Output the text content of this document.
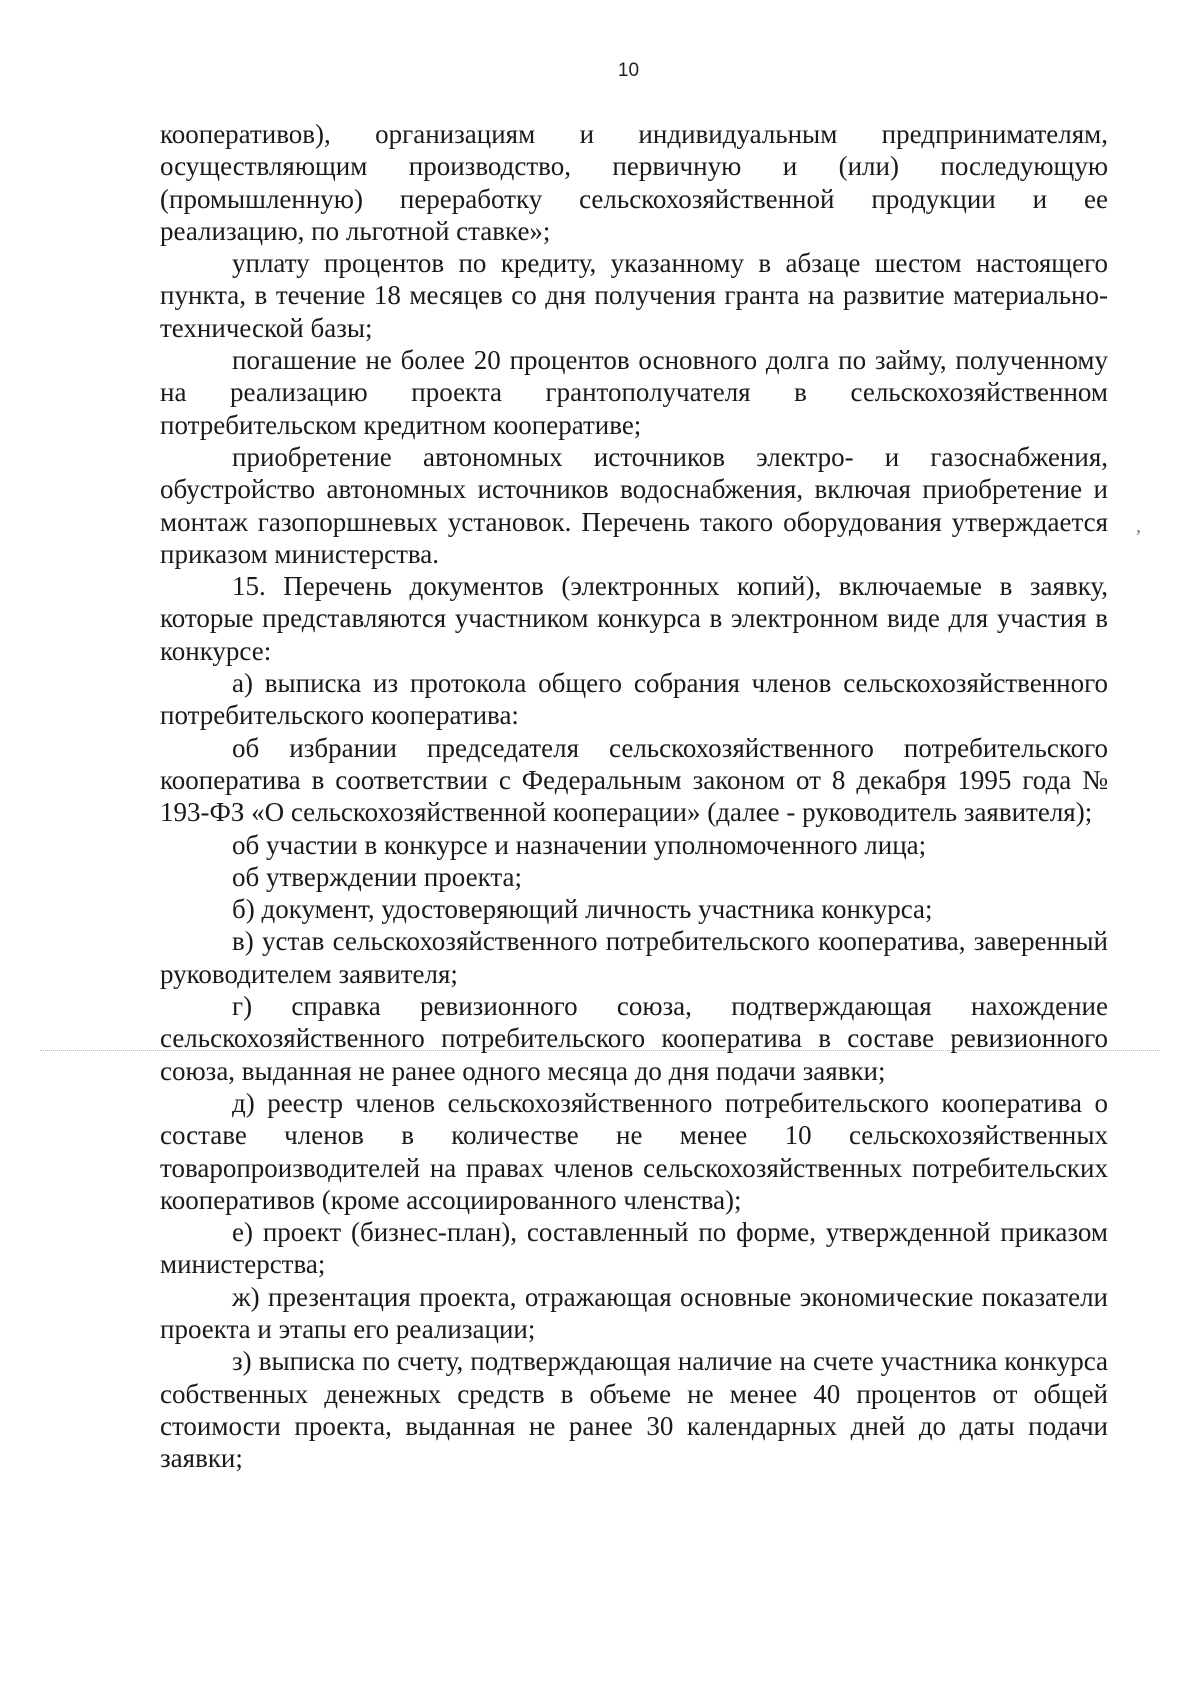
10
,

кооперативов), организациям и индивидуальным предпринимателям, осуществляющим производство, первичную и (или) последующую (промышленную) переработку сельскохозяйственной продукции и ее реализацию, по льготной ставке»;

уплату процентов по кредиту, указанному в абзаце шестом настоящего пункта, в течение 18 месяцев со дня получения гранта на развитие материально-технической базы;

погашение не более 20 процентов основного долга по займу, полученному на реализацию проекта грантополучателя в сельскохозяйственном потребительском кредитном кооперативе;

приобретение автономных источников электро- и газоснабжения, обустройство автономных источников водоснабжения, включая приобретение и монтаж газопоршневых установок. Перечень такого оборудования утверждается приказом министерства.

15. Перечень документов (электронных копий), включаемые в заявку, которые представляются участником конкурса в электронном виде для участия в конкурсе:

а) выписка из протокола общего собрания членов сельскохозяйственного потребительского кооператива:

об избрании председателя сельскохозяйственного потребительского кооператива в соответствии с Федеральным законом от 8 декабря 1995 года № 193-ФЗ «О сельскохозяйственной кооперации» (далее - руководитель заявителя);

об участии в конкурсе и назначении уполномоченного лица;

об утверждении проекта;

б) документ, удостоверяющий личность участника конкурса;

в) устав сельскохозяйственного потребительского кооператива, заверенный руководителем заявителя;

г) справка ревизионного союза, подтверждающая нахождение сельскохозяйственного потребительского кооператива в составе ревизионного союза, выданная не ранее одного месяца до дня подачи заявки;

д) реестр членов сельскохозяйственного потребительского кооператива о составе членов в количестве не менее 10 сельскохозяйственных товаропроизводителей на правах членов сельскохозяйственных потребительских кооперативов (кроме ассоциированного членства);

е) проект (бизнес-план), составленный по форме, утвержденной приказом министерства;

ж) презентация проекта, отражающая основные экономические показатели проекта и этапы его реализации;

з) выписка по счету, подтверждающая наличие на счете участника конкурса собственных денежных средств в объеме не менее 40 процентов от общей стоимости проекта, выданная не ранее 30 календарных дней до даты подачи заявки;
